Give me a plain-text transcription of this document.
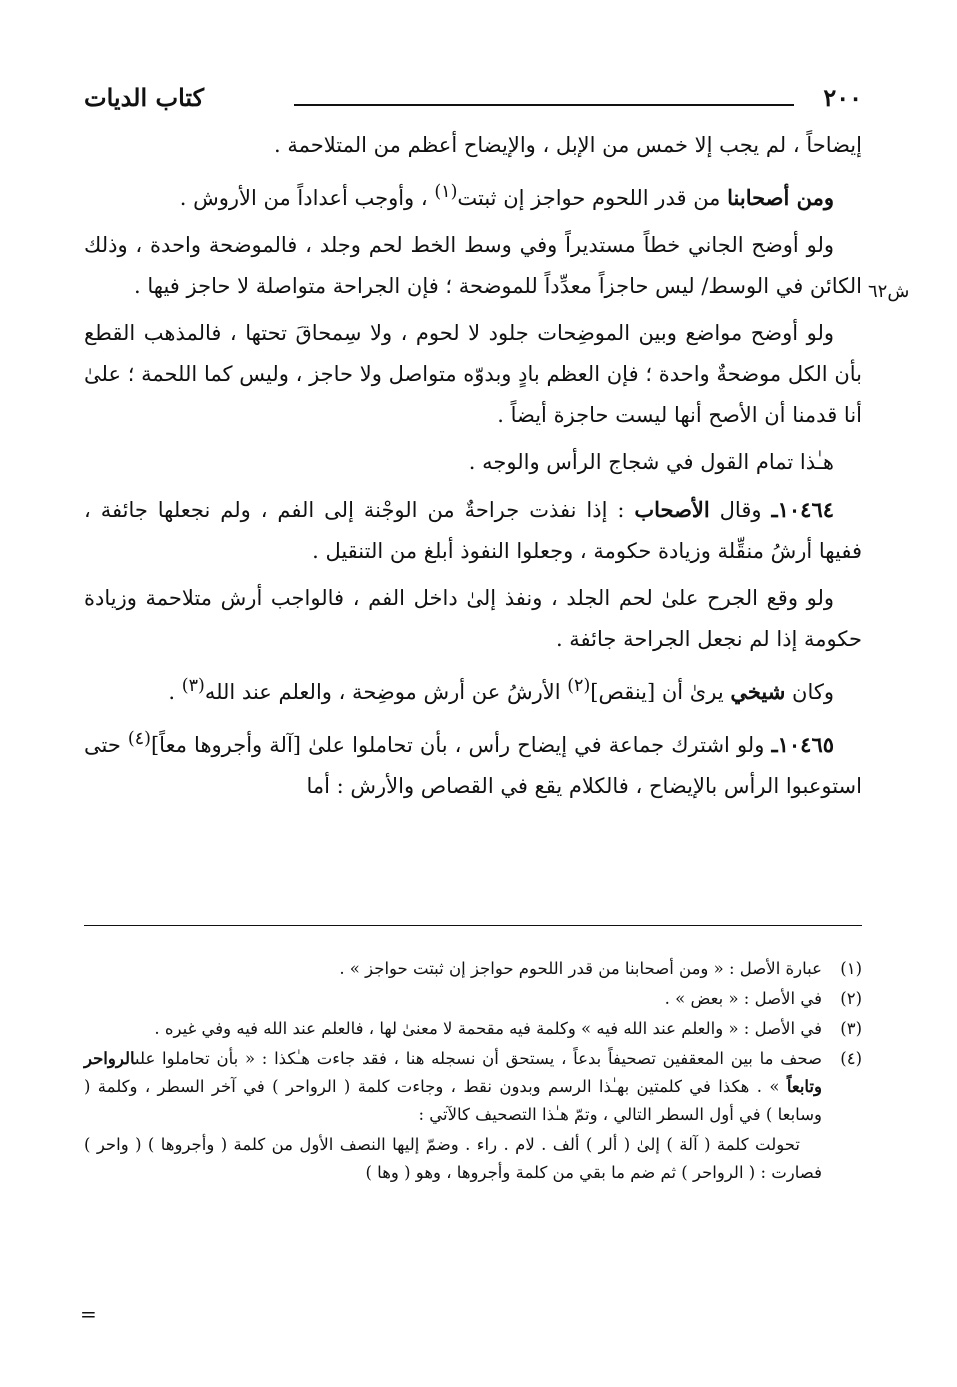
٢٠٠
كتاب الديات
ش٦٢

إيضاحاً ، لم يجب إلا خمس من الإبل ، والإيضاح أعظم من المتلاحمة .

ومن أصحابنا من قدر اللحوم حواجز إن ثبتت$^{(١)}$ ، وأوجب أعداداً من الأروش .

ولو أوضح الجاني خطاً مستديراً وفي وسط الخط لحم وجلد ، فالموضحة واحدة ، وذلك الكائن في الوسط/ ليس حاجزاً معدِّداً للموضحة ؛ فإن الجراحة متواصلة لا حاجز فيها .

ولو أوضح مواضع وبين الموضِحات جلود لا لحوم ، ولا سِمحاقَ تحتها ، فالمذهب القطع بأن الكل موضحةٌ واحدة ؛ فإن العظم بادٍ وبدوّه متواصل ولا حاجز ، وليس كما اللحمة ؛ علىٰ أنا قدمنا أن الأصح أنها ليست حاجزة أيضاً .

هـٰذا تمام القول في شجاج الرأس والوجه .

١٠٤٦٤ـ وقال الأصحاب : إذا نفذت جراحةٌ من الوجْنة إلى الفم ، ولم نجعلها جائفة ، ففيها أرشُ منقِّلة وزيادة حكومة ، وجعلوا النفوذ أبلغ من التنقيل .

ولو وقع الجرح علىٰ لحم الجلد ، ونفذ إلىٰ داخل الفم ، فالواجب أرش متلاحمة وزيادة حكومة إذا لم نجعل الجراحة جائفة .

وكان شيخي يرىٰ أن [ينقص]$^{(٢)}$ الأرشُ عن أرش موضِحة ، والعلم عند الله$^{(٣)}$ .

١٠٤٦٥ـ ولو اشترك جماعة في إيضاح رأس ، بأن تحاملوا علىٰ [آلة وأجروها معاً]$^{(٤)}$ حتى استوعبوا الرأس بالإيضاح ، فالكلام يقع في القصاص والأرش : أما

(١)
عبارة الأصل : « ومن أصحابنا من قدر اللحوم حواجز إن ثبتت حواجز » .
(٢)
في الأصل : « بعض » .
(٣)
في الأصل : « والعلم عند الله فيه » وكلمة فيه مقحمة لا معنىٰ لها ، فالعلم عند الله فيه وفي غيره .
(٤)
صحف ما بين المعقفين تصحيفاً بدعاً ، يستحق أن نسجله هنا ، فقد جاءت هـٰكذا : « بأن تحاملوا علىالرواحر وتابعاً » . هكذا في كلمتين بهـٰذا الرسم وبدون نقط ، وجاءت كلمة ( الرواحر ) في آخر السطر ، وكلمة ( وسابعا ) في أول السطر التالي ، وتمّ هـٰذا التصحيف كالآتي :
تحولت كلمة ( آلة ) إلىٰ ( ألر ) ألف . لام . راء . وضمّ إليها النصف الأول من كلمة ( وأجروها ) ( واحر ) فصارت : ( الرواحر ) ثم ضم ما بقي من كلمة وأجروها ، وهو ( وها )
=
